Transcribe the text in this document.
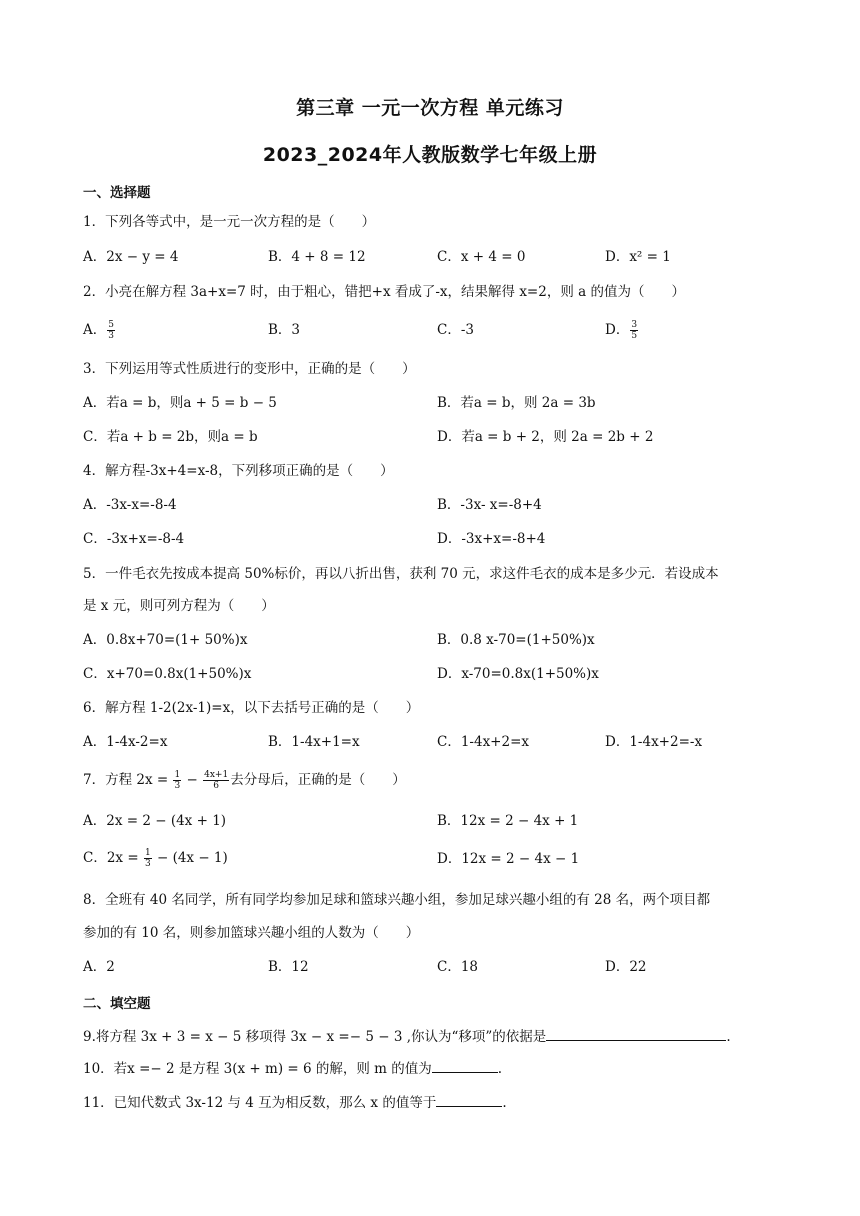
第三章 一元一次方程 单元练习
2023_2024年人教版数学七年级上册
一、选择题
1．下列各等式中，是一元一次方程的是（　　）
A．2x − y = 4	B．4 + 8 = 12	C．x + 4 = 0	D．x² = 1
2．小亮在解方程 3a+x=7 时，由于粗心，错把+x 看成了-x，结果解得 x=2，则 a 的值为（　　）
A． $\frac{5}{3}$	B．3	C．-3	D． $\frac{3}{5}$
3．下列运用等式性质进行的变形中，正确的是（　　）
A．若a = b，则a + 5 = b − 5	B．若a = b，则 2a = 3b
C．若a + b = 2b，则a = b	D．若a = b + 2，则 2a = 2b + 2
4．解方程-3x+4=x-8，下列移项正确的是（　　）
A．-3x-x=-8-4	B．-3x- x=-8+4
C．-3x+x=-8-4	D．-3x+x=-8+4
5．一件毛衣先按成本提高 50%标价，再以八折出售，获利 70 元，求这件毛衣的成本是多少元．若设成本
是 x 元，则可列方程为（　　）
A．0.8x+70=(1+ 50%)x	B．0.8 x-70=(1+50%)x
C．x+70=0.8x(1+50%)x	D．x-70=0.8x(1+50%)x
6．解方程 1-2(2x-1)=x，以下去括号正确的是（　　）
A．1-4x-2=x	B．1-4x+1=x	C．1-4x+2=x	D．1-4x+2=-x
7．方程 $2x = \frac{1}{3} - \frac{4x+1}{6}$ 去分母后，正确的是（　　）
A．2x = 2 − (4x + 1)	B．12x = 2 − 4x + 1
C．$2x = \frac{1}{3} - (4x - 1)$	D．12x = 2 − 4x − 1
8．全班有 40 名同学，所有同学均参加足球和篮球兴趣小组，参加足球兴趣小组的有 28 名，两个项目都
参加的有 10 名，则参加篮球兴趣小组的人数为（　　）
A．2	B．12	C．18	D．22
二、填空题
9.将方程 3x + 3 = x − 5 移项得 3x − x =− 5 − 3 ,你认为“移项”的依据是	.
10．若x =− 2 是方程 3(x + m) = 6 的解，则 m 的值为	.
11．已知代数式 3x-12 与 4 互为相反数，那么 x 的值等于	.
